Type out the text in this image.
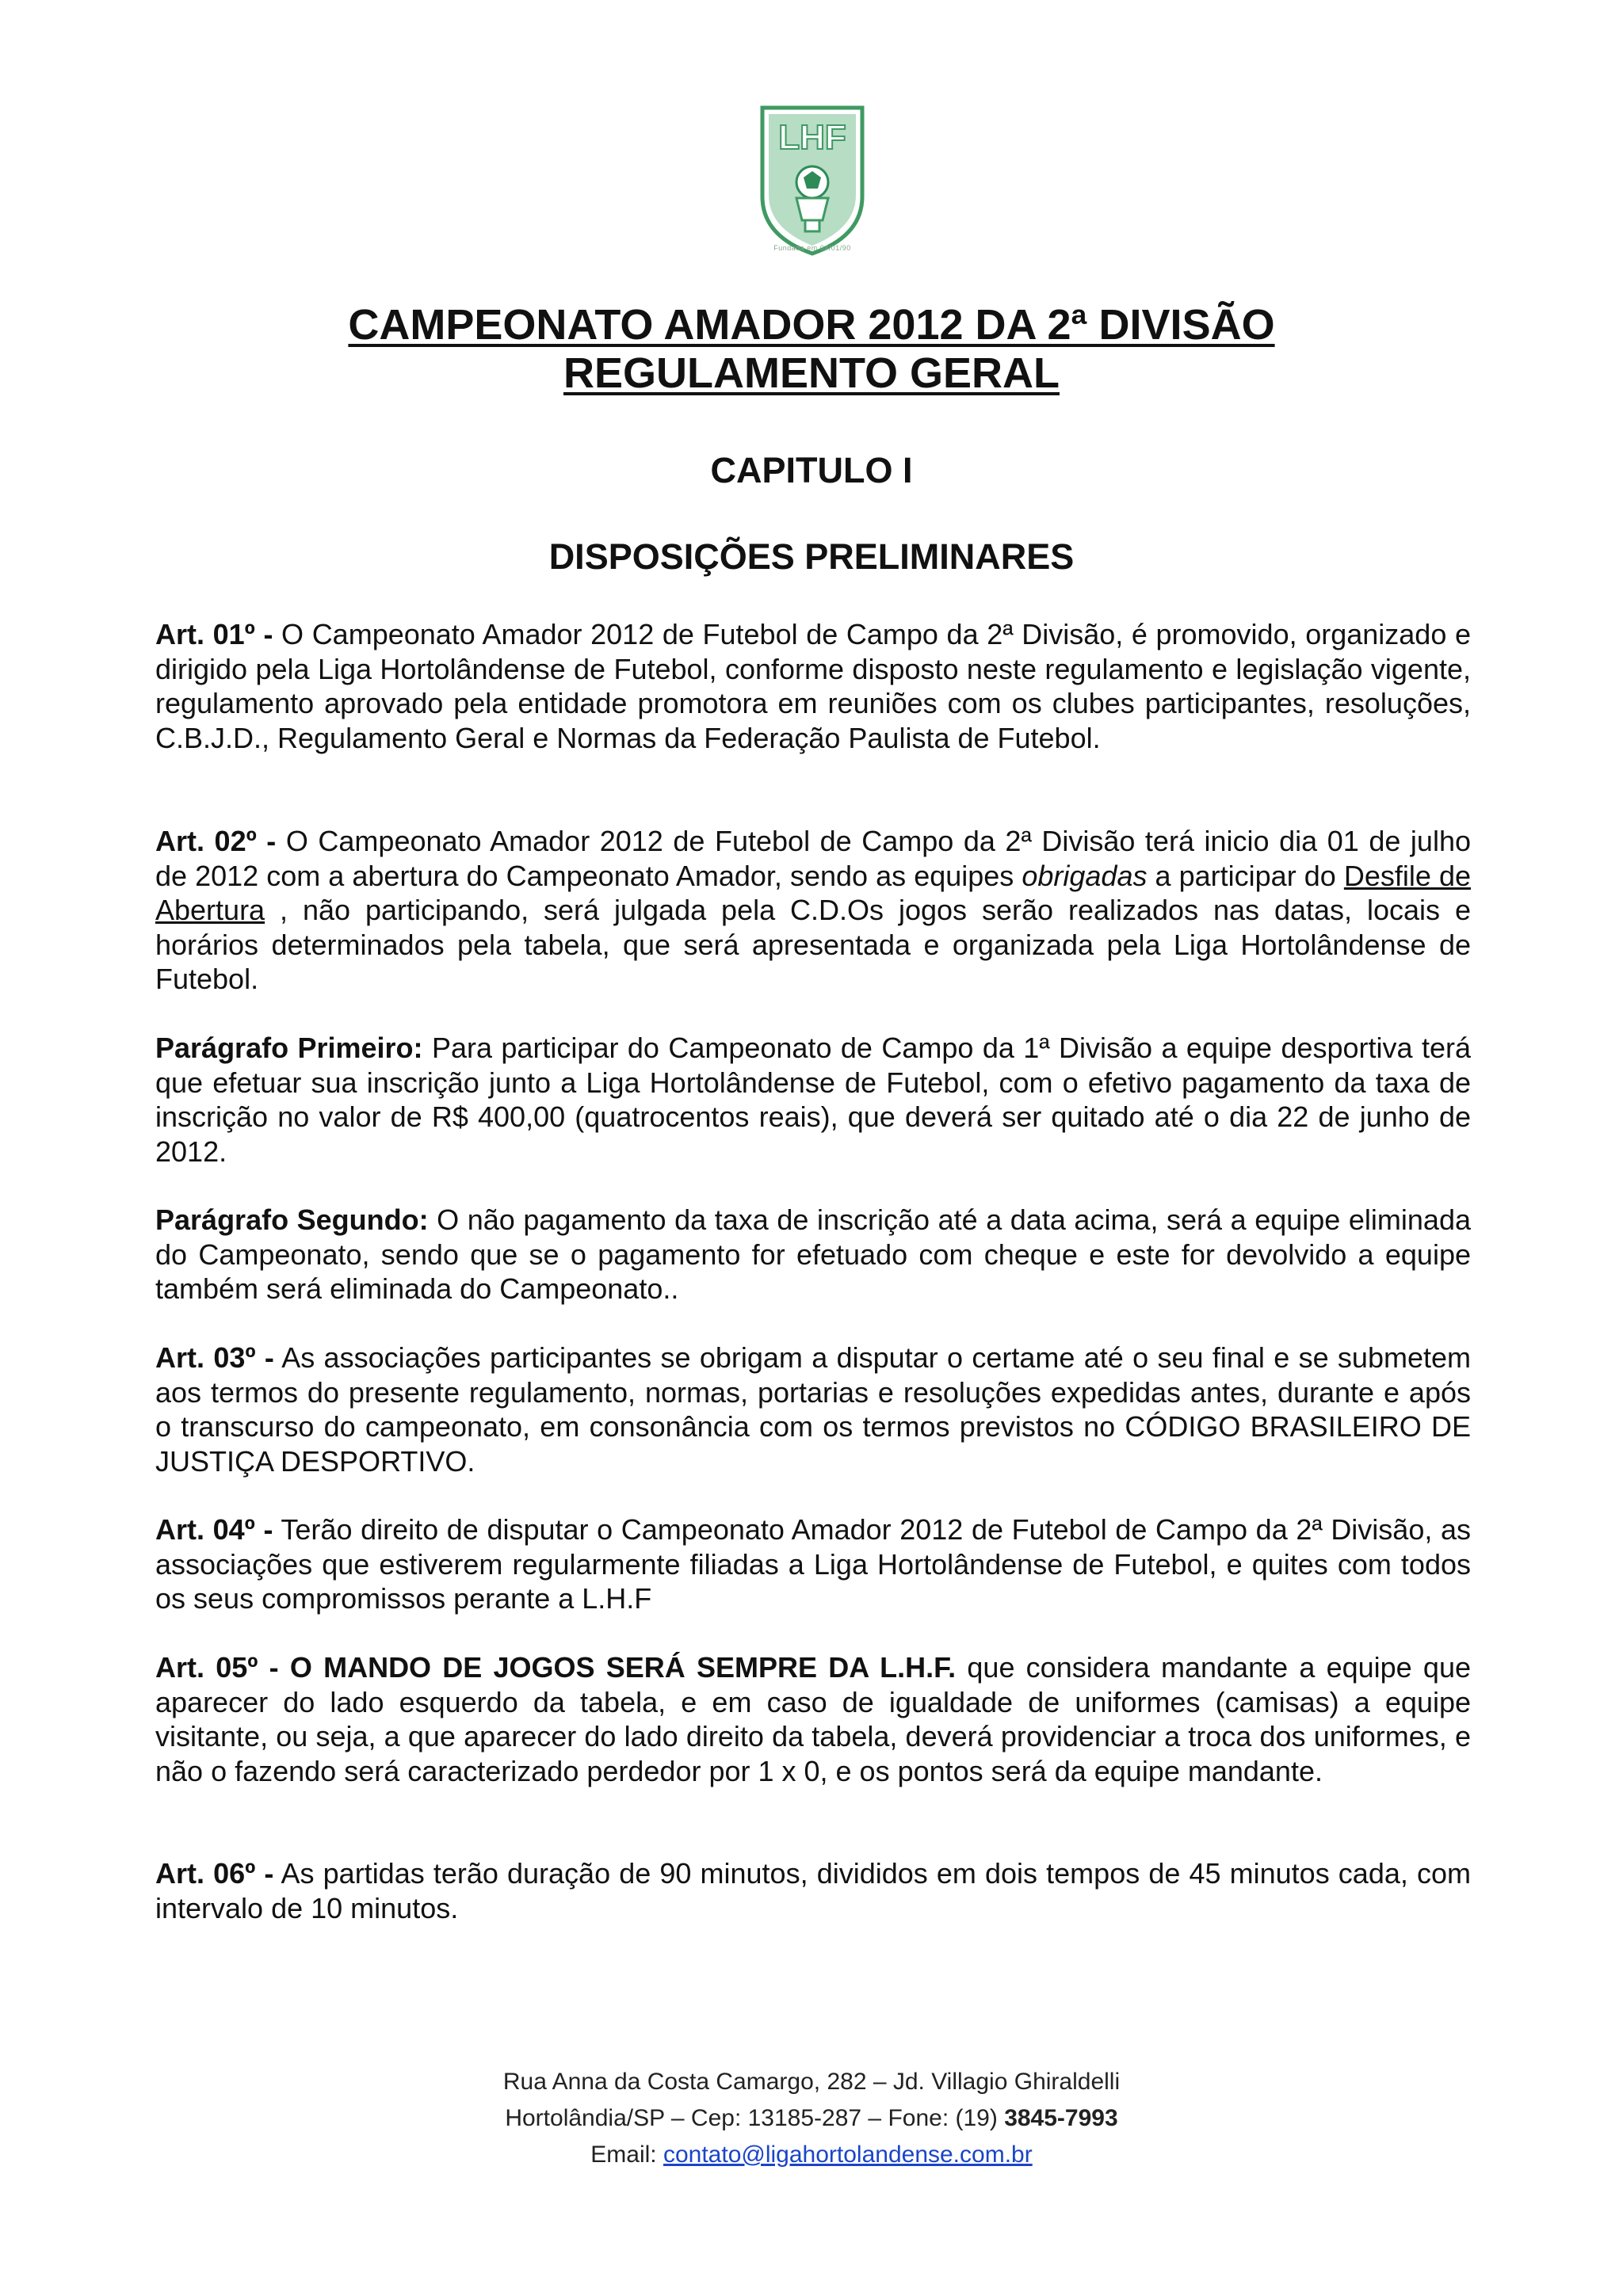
LHF
Fundada em 04/01/90
CAMPEONATO AMADOR 2012 DA 2ª DIVISÃO
REGULAMENTO GERAL
CAPITULO I
DISPOSIÇÕES PRELIMINARES

Art. 01º - O Campeonato Amador 2012 de Futebol de Campo da 2ª Divisão, é promovido, organizado e dirigido pela Liga Hortolândense de Futebol, conforme disposto neste regulamento e legislação vigente, regulamento aprovado pela entidade promotora em reuniões com os clubes participantes, resoluções, C.B.J.D., Regulamento Geral e Normas da Federação Paulista de Futebol.

Art. 02º - O Campeonato Amador 2012 de Futebol de Campo da 2ª Divisão terá inicio dia 01 de julho de 2012 com a abertura do Campeonato Amador, sendo as equipes obrigadas a participar do Desfile de Abertura , não participando, será julgada pela C.D.Os jogos serão realizados nas datas, locais e horários determinados pela tabela, que será apresentada e organizada pela Liga Hortolândense de Futebol.

Parágrafo Primeiro: Para participar do Campeonato de Campo da 1ª Divisão a equipe desportiva terá que efetuar sua inscrição junto a Liga Hortolândense de Futebol, com o efetivo pagamento da taxa de inscrição no valor de R$ 400,00 (quatrocentos reais), que deverá ser quitado até o dia 22 de junho de 2012.

Parágrafo Segundo: O não pagamento da taxa de inscrição até a data acima, será a equipe eliminada do Campeonato, sendo que se o pagamento for efetuado com cheque e este for devolvido a equipe também será eliminada do Campeonato..

Art. 03º - As associações participantes se obrigam a disputar o certame até o seu final e se submetem aos termos do presente regulamento, normas, portarias e resoluções expedidas antes, durante e após o transcurso do campeonato, em consonância com os termos previstos no CÓDIGO BRASILEIRO DE JUSTIÇA DESPORTIVO.

Art. 04º - Terão direito de disputar o Campeonato Amador 2012 de Futebol de Campo da 2ª Divisão, as associações que estiverem regularmente filiadas a Liga Hortolândense de Futebol, e quites com todos os seus compromissos perante a L.H.F

Art. 05º - O MANDO DE JOGOS SERÁ SEMPRE DA L.H.F. que considera mandante a equipe que aparecer do lado esquerdo da tabela, e em caso de igualdade de uniformes (camisas) a equipe visitante, ou seja, a que aparecer do lado direito da tabela, deverá providenciar a troca dos uniformes, e não o fazendo será caracterizado perdedor por 1 x 0, e os pontos será da equipe mandante.

Art. 06º - As partidas terão duração de 90 minutos, divididos em dois tempos de 45 minutos cada, com intervalo de 10 minutos.

Rua Anna da Costa Camargo, 282 – Jd. Villagio Ghiraldelli
Hortolândia/SP – Cep: 13185-287 – Fone: (19) 3845-7993
Email: contato@ligahortolandense.com.br
